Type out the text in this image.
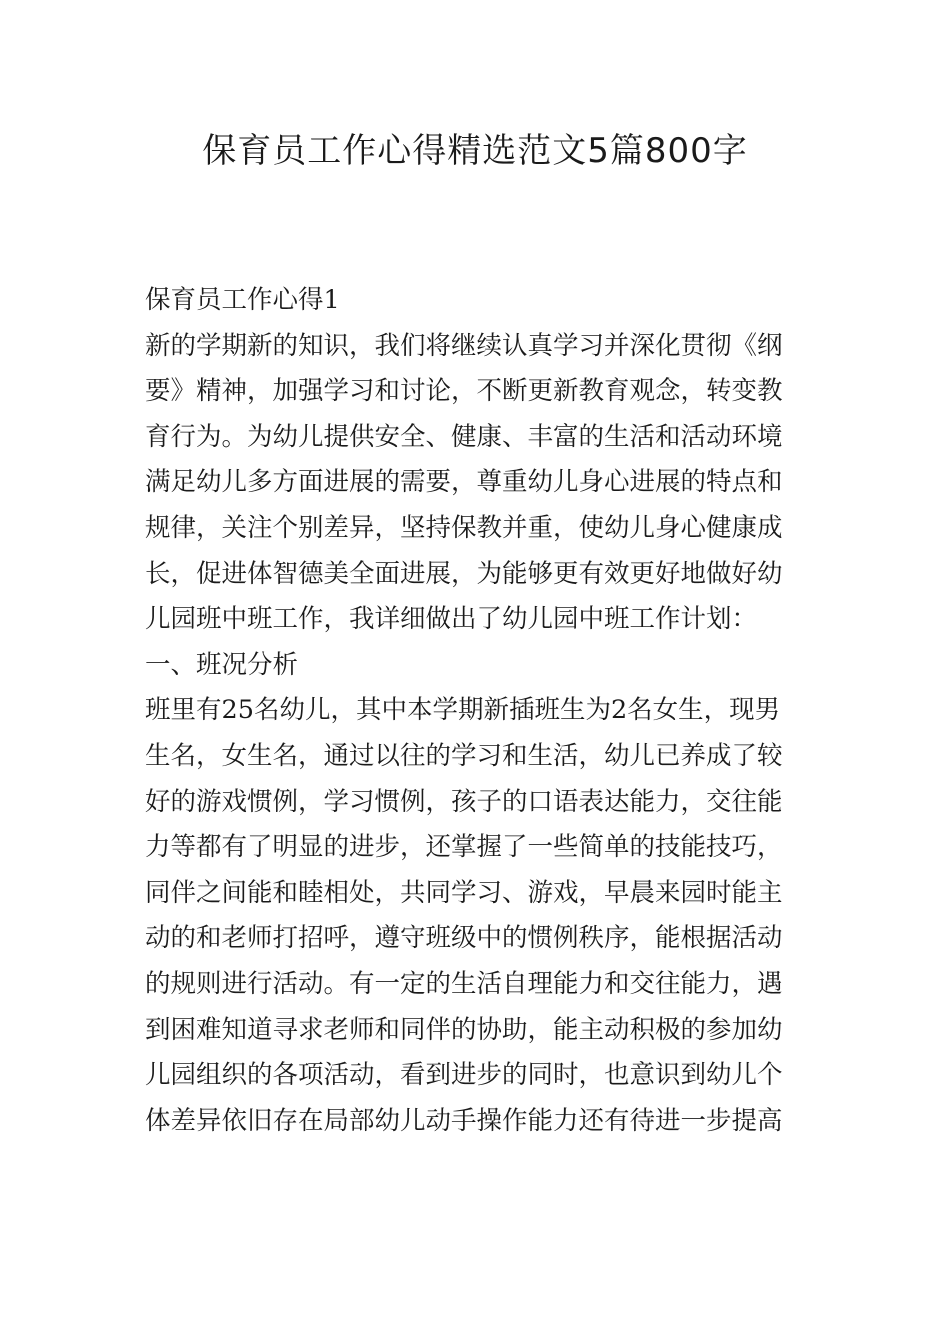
保育员工作心得精选范文5篇800字
保育员工作心得1
新的学期新的知识，我们将继续认真学习并深化贯彻《纲
要》精神，加强学习和讨论，不断更新教育观念，转变教
育行为。为幼儿提供安全、健康、丰富的生活和活动环境
满足幼儿多方面进展的需要，尊重幼儿身心进展的特点和
规律，关注个别差异，坚持保教并重，使幼儿身心健康成
长，促进体智德美全面进展，为能够更有效更好地做好幼
儿园班中班工作，我详细做出了幼儿园中班工作计划：
一、班况分析
班里有25名幼儿，其中本学期新插班生为2名女生，现男
生名，女生名，通过以往的学习和生活，幼儿已养成了较
好的游戏惯例，学习惯例，孩子的口语表达能力，交往能
力等都有了明显的进步，还掌握了一些简单的技能技巧，
同伴之间能和睦相处，共同学习、游戏，早晨来园时能主
动的和老师打招呼，遵守班级中的惯例秩序，能根据活动
的规则进行活动。有一定的生活自理能力和交往能力，遇
到困难知道寻求老师和同伴的协助，能主动积极的参加幼
儿园组织的各项活动，看到进步的同时，也意识到幼儿个
体差异依旧存在局部幼儿动手操作能力还有待进一步提高
